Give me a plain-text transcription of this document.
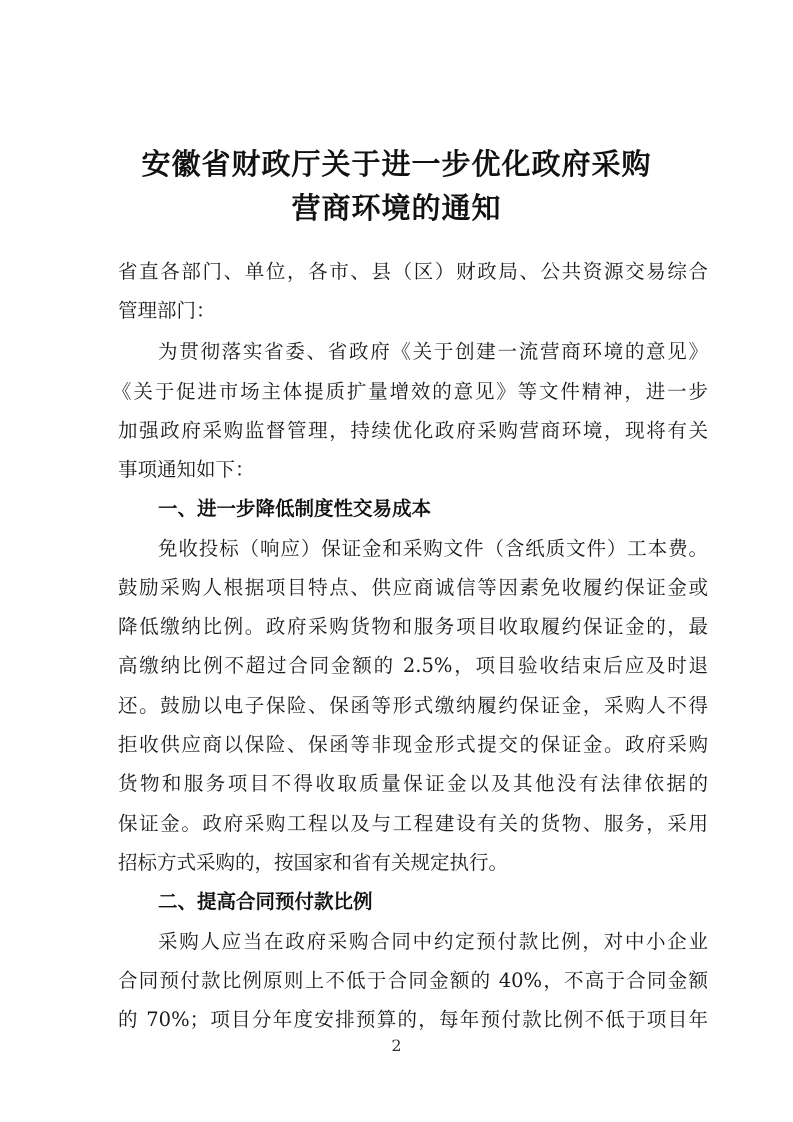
安徽省财政厅关于进一步优化政府采购
营商环境的通知
省直各部门、单位，各市、县（区）财政局、公共资源交易综合
管理部门：
为贯彻落实省委、省政府《关于创建一流营商环境的意见》
《关于促进市场主体提质扩量增效的意见》等文件精神，进一步
加强政府采购监督管理，持续优化政府采购营商环境，现将有关
事项通知如下：
一、进一步降低制度性交易成本
免收投标（响应）保证金和采购文件（含纸质文件）工本费。
鼓励采购人根据项目特点、供应商诚信等因素免收履约保证金或
降低缴纳比例。政府采购货物和服务项目收取履约保证金的，最
高缴纳比例不超过合同金额的 2.5%，项目验收结束后应及时退
还。鼓励以电子保险、保函等形式缴纳履约保证金，采购人不得
拒收供应商以保险、保函等非现金形式提交的保证金。政府采购
货物和服务项目不得收取质量保证金以及其他没有法律依据的
保证金。政府采购工程以及与工程建设有关的货物、服务，采用
招标方式采购的，按国家和省有关规定执行。
二、提高合同预付款比例
采购人应当在政府采购合同中约定预付款比例，对中小企业
合同预付款比例原则上不低于合同金额的 40%，不高于合同金额
的 70%；项目分年度安排预算的，每年预付款比例不低于项目年
2
